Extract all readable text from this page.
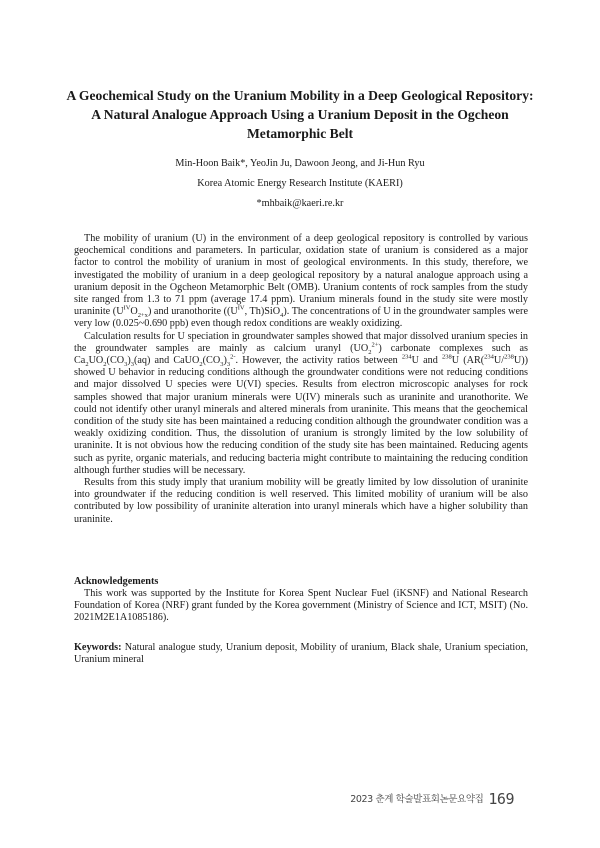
A Geochemical Study on the Uranium Mobility in a Deep Geological Repository:
A Natural Analogue Approach Using a Uranium Deposit in the Ogcheon
Metamorphic Belt
Min-Hoon Baik*, YeoJin Ju, Dawoon Jeong, and Ji-Hun Ryu
Korea Atomic Energy Research Institute (KAERI)
*mhbaik@kaeri.re.kr

The mobility of uranium (U) in the environment of a deep geological repository is controlled by various geochemical conditions and parameters. In particular, oxidation state of uranium is considered as a major factor to control the mobility of uranium in most of geological environments. In this study, therefore, we investigated the mobility of uranium in a deep geological repository by a natural analogue approach using a uranium deposit in the Ogcheon Metamorphic Belt (OMB). Uranium contents of rock samples from the study site ranged from 1.3 to 71 ppm (average 17.4 ppm). Uranium minerals found in the study site were mostly uraninite $(U^{IV}O_{2+x})$ and uranothorite (($U^{IV}$, Th)SiO$_4$). The concentrations of U in the groundwater samples were very low (0.025~0.690 ppb) even though redox conditions are weakly oxidizing.

Calculation results for U speciation in groundwater samples showed that major dissolved uranium species in the groundwater samples are mainly as calcium uranyl $(UO_2^{2+})$ carbonate complexes such as $Ca_2UO_2(CO_3)_3(aq)$ and $CaUO_2(CO_3)_3^{2-}$. However, the activity ratios between $^{234}$U and $^{238}$U (AR($^{234}$U/$^{238}$U)) showed U behavior in reducing conditions although the groundwater conditions were not reducing conditions and major dissolved U species were U(VI) species. Results from electron microscopic analyses for rock samples showed that major uranium minerals were U(IV) minerals such as uraninite and uranothorite. We could not identify other uranyl minerals and altered minerals from uraninite. This means that the geochemical condition of the study site has been maintained a reducing condition although the groundwater condition was a weakly oxidizing condition. Thus, the dissolution of uranium is strongly limited by the low solubility of uraninite. It is not obvious how the reducing condition of the study site has been maintained. Reducing agents such as pyrite, organic materials, and reducing bacteria might contribute to maintaining the reducing condition although further studies will be necessary.

Results from this study imply that uranium mobility will be greatly limited by low dissolution of uraninite into groundwater if the reducing condition is well reserved. This limited mobility of uranium will be also contributed by low possibility of uraninite alteration into uranyl minerals which have a higher solubility than uraninite.

Acknowledgements

This work was supported by the Institute for Korea Spent Nuclear Fuel (iKSNF) and National Research Foundation of Korea (NRF) grant funded by the Korea government (Ministry of Science and ICT, MSIT) (No. 2021M2E1A1085186).

Keywords: Natural analogue study, Uranium deposit, Mobility of uranium, Black shale, Uranium speciation, Uranium mineral
2023 춘계 학술발표회논문요약집 169
